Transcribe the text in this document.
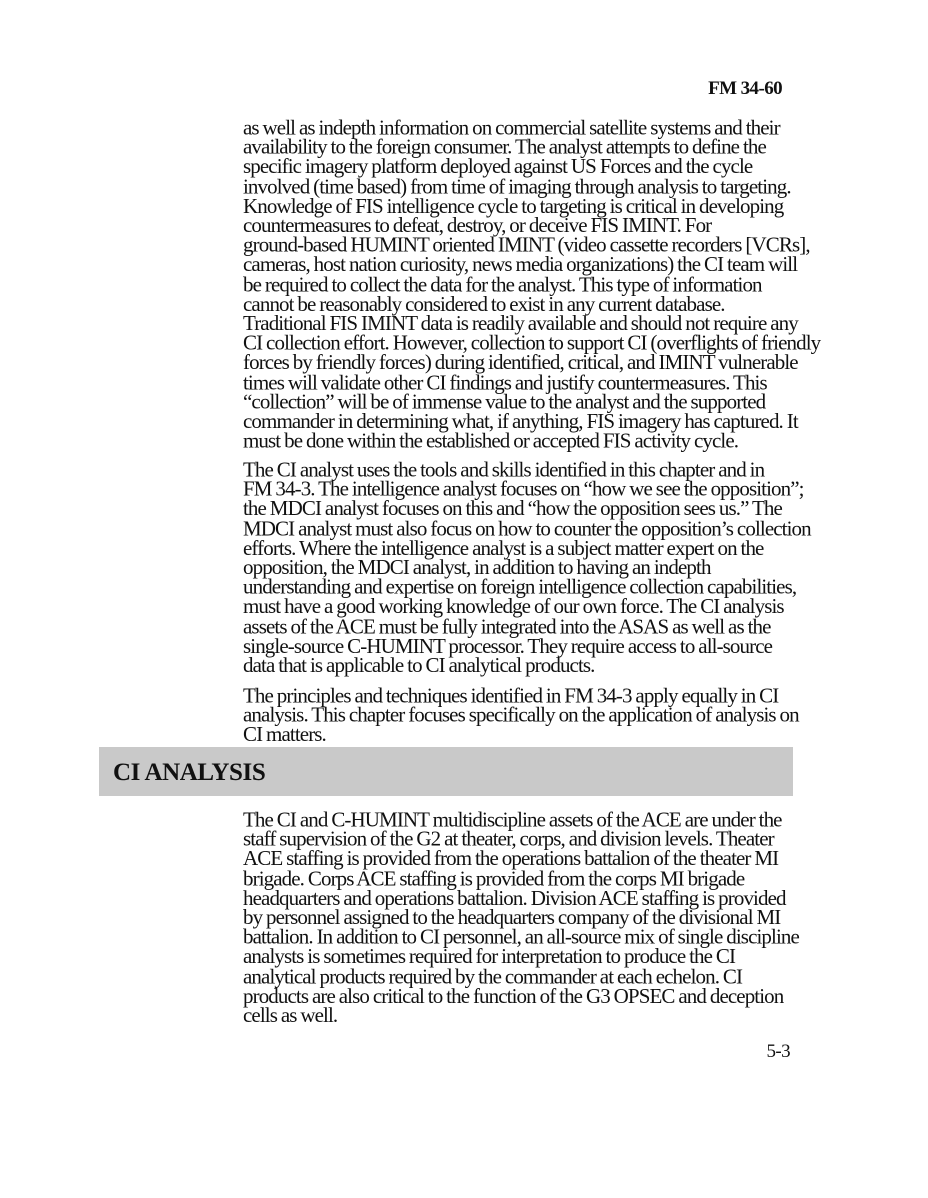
FM 34-60
as well as indepth information on commercial satellite systems and their
availability to the foreign consumer. The analyst attempts to define the
specific imagery platform deployed against US Forces and the cycle
involved (time based) from time of imaging through analysis to targeting.
Knowledge of FIS intelligence cycle to targeting is critical in developing
countermeasures to defeat, destroy, or deceive FIS IMINT. For
ground-based HUMINT oriented IMINT (video cassette recorders [VCRs],
cameras, host nation curiosity, news media organizations) the CI team will
be required to collect the data for the analyst. This type of information
cannot be reasonably considered to exist in any current database.
Traditional FIS IMINT data is readily available and should not require any
CI collection effort. However, collection to support CI (overflights of friendly
forces by friendly forces) during identified, critical, and IMINT vulnerable
times will validate other CI findings and justify countermeasures. This
“collection” will be of immense value to the analyst and the supported
commander in determining what, if anything, FIS imagery has captured. It
must be done within the established or accepted FIS activity cycle.
The CI analyst uses the tools and skills identified in this chapter and in
FM 34-3. The intelligence analyst focuses on “how we see the opposition”;
the MDCI analyst focuses on this and “how the opposition sees us.” The
MDCI analyst must also focus on how to counter the opposition’s collection
efforts. Where the intelligence analyst is a subject matter expert on the
opposition, the MDCI analyst, in addition to having an indepth
understanding and expertise on foreign intelligence collection capabilities,
must have a good working knowledge of our own force. The CI analysis
assets of the ACE must be fully integrated into the ASAS as well as the
single-source C-HUMINT processor. They require access to all-source
data that is applicable to CI analytical products.
The principles and techniques identified in FM 34-3 apply equally in CI
analysis. This chapter focuses specifically on the application of analysis on
CI matters.
CI ANALYSIS
The CI and C-HUMINT multidiscipline assets of the ACE are under the
staff supervision of the G2 at theater, corps, and division levels. Theater
ACE staffing is provided from the operations battalion of the theater MI
brigade. Corps ACE staffing is provided from the corps MI brigade
headquarters and operations battalion. Division ACE staffing is provided
by personnel assigned to the headquarters company of the divisional MI
battalion. In addition to CI personnel, an all-source mix of single discipline
analysts is sometimes required for interpretation to produce the CI
analytical products required by the commander at each echelon. CI
products are also critical to the function of the G3 OPSEC and deception
cells as well.
5-3
